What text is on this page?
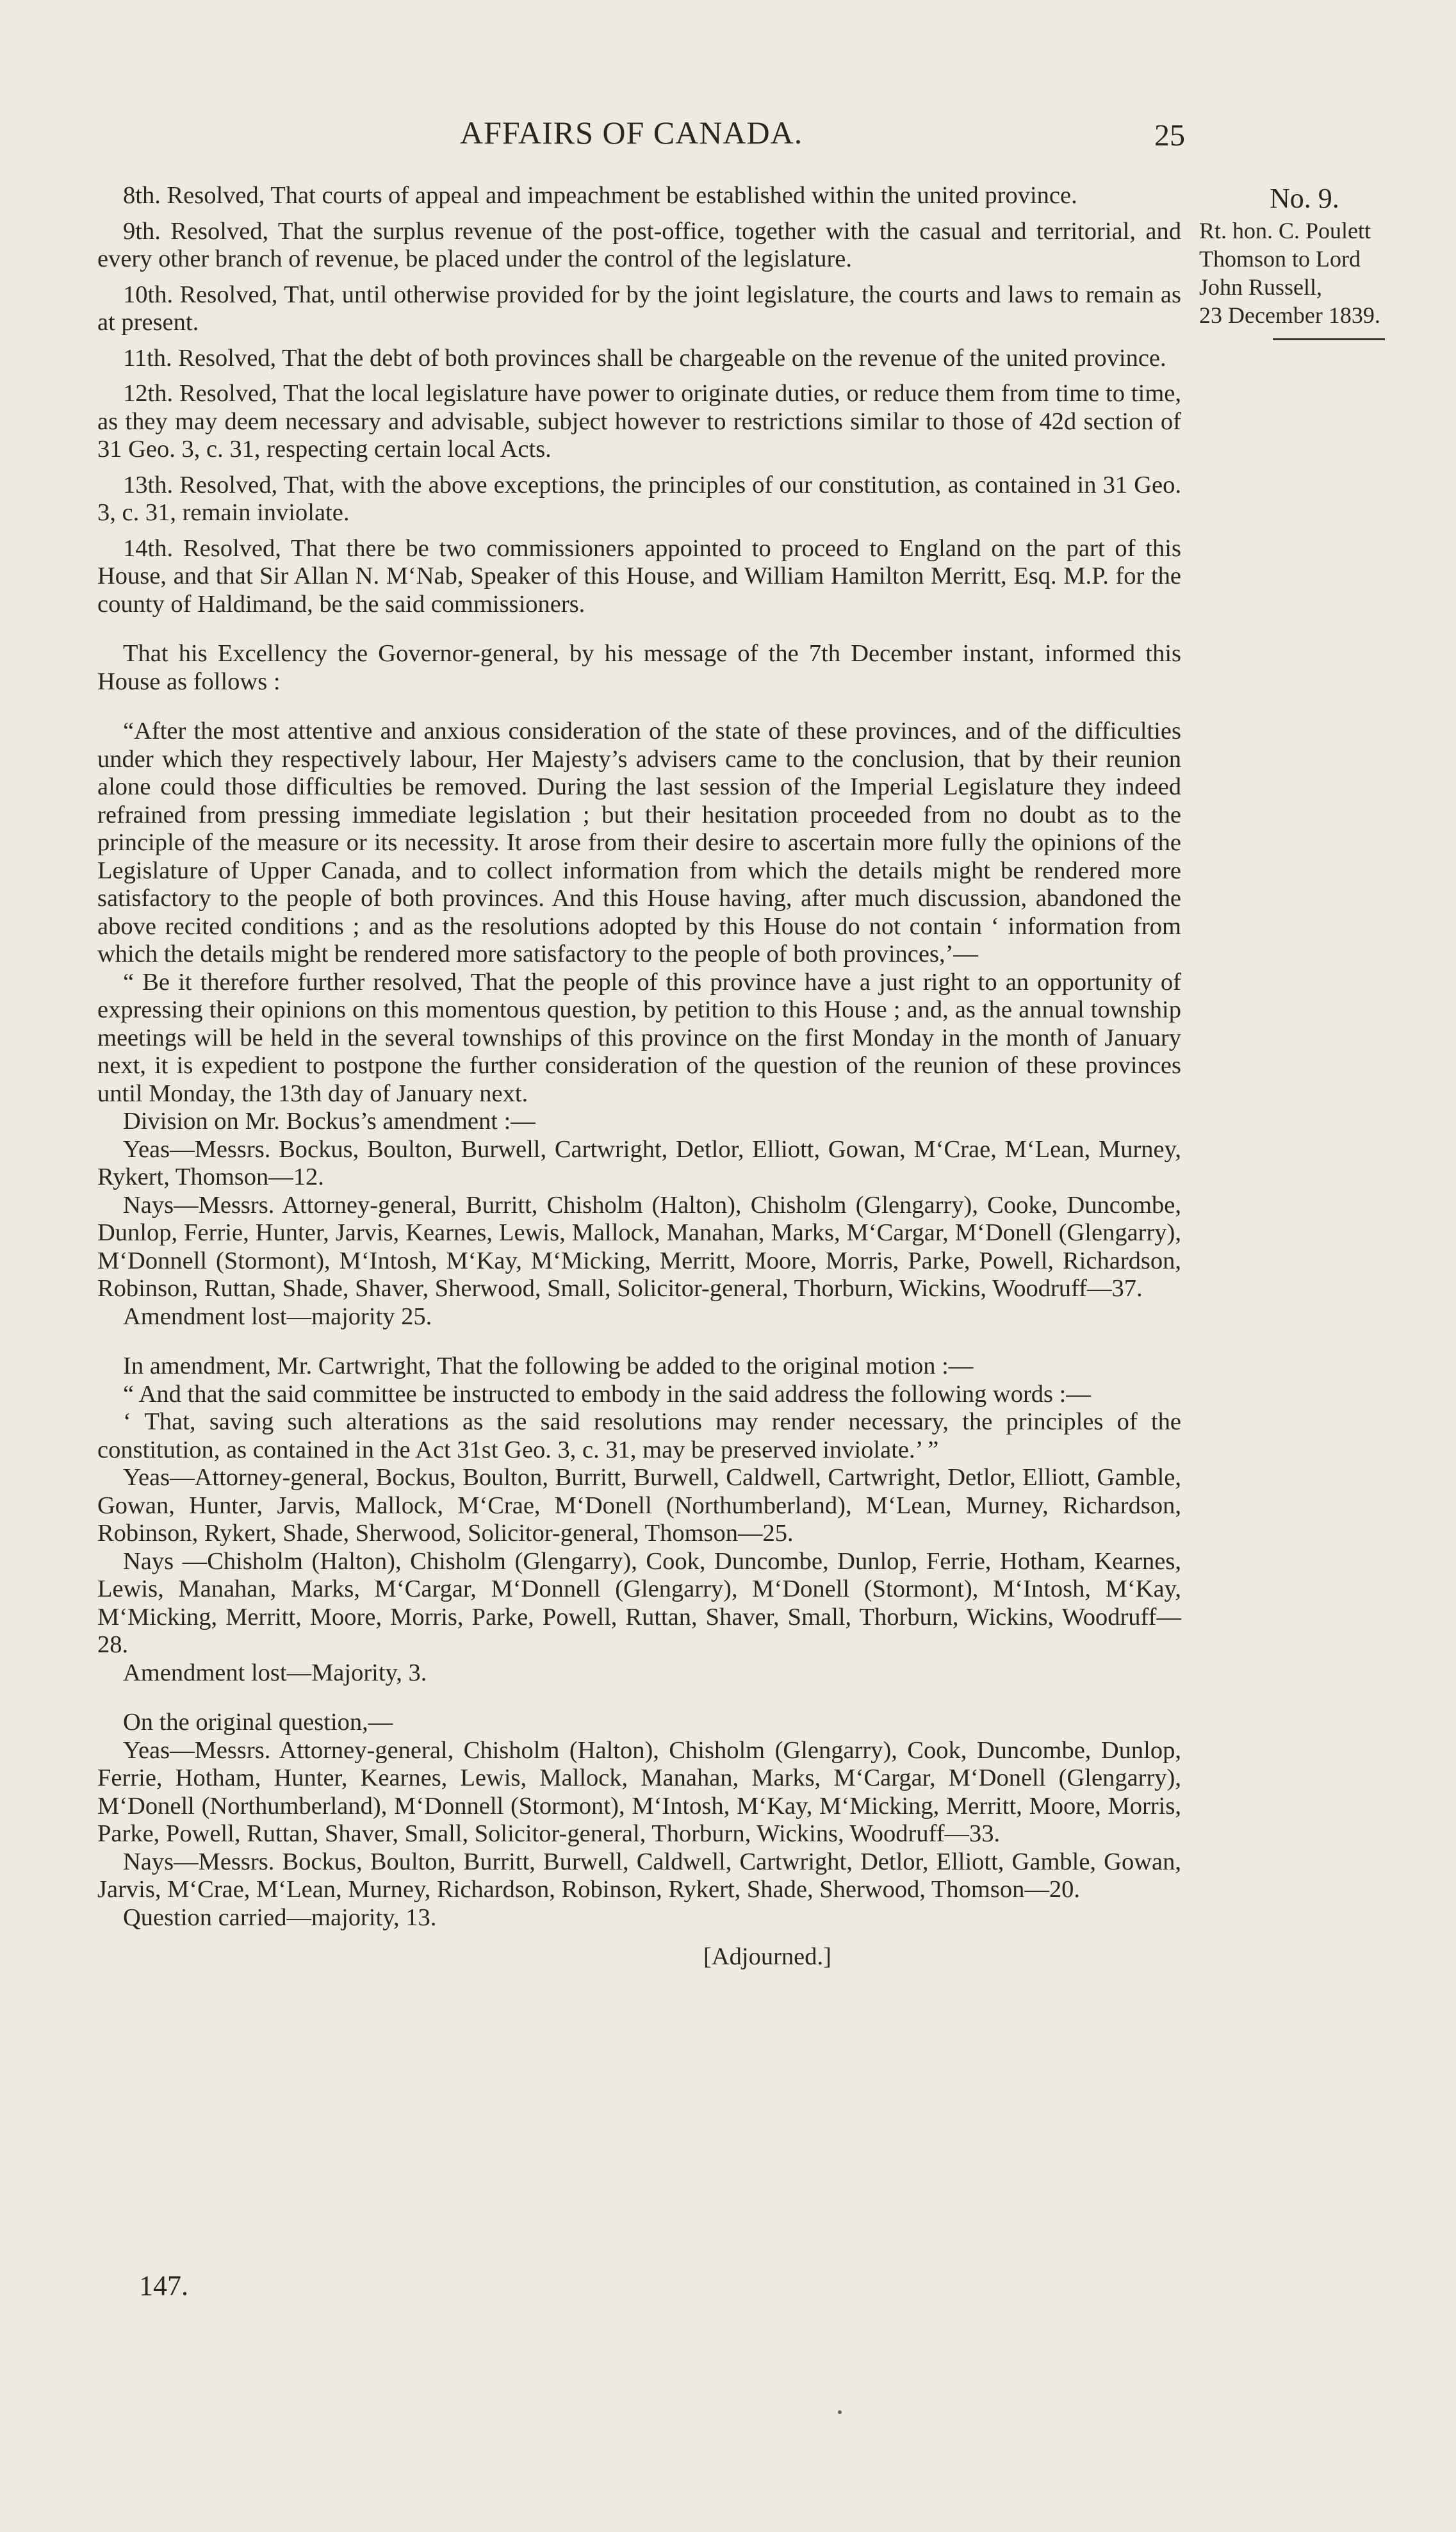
AFFAIRS OF CANADA.	25
No. 9.
Rt. hon. C. Poulett
Thomson to Lord
John Russell,
23 December 1839.

8th. Resolved, That courts of appeal and impeachment be established within the united province.

9th. Resolved, That the surplus revenue of the post-office, together with the casual and territorial, and every other branch of revenue, be placed under the control of the legislature.

10th. Resolved, That, until otherwise provided for by the joint legislature, the courts and laws to remain as at present.

11th. Resolved, That the debt of both provinces shall be chargeable on the revenue of the united province.

12th. Resolved, That the local legislature have power to originate duties, or reduce them from time to time, as they may deem necessary and advisable, subject however to restrictions similar to those of 42d section of 31 Geo. 3, c. 31, respecting certain local Acts.

13th. Resolved, That, with the above exceptions, the principles of our constitution, as contained in 31 Geo. 3, c. 31, remain inviolate.

14th. Resolved, That there be two commissioners appointed to proceed to England on the part of this House, and that Sir Allan N. M‘Nab, Speaker of this House, and William Hamilton Merritt, Esq. M.P. for the county of Haldimand, be the said commissioners.

That his Excellency the Governor-general, by his message of the 7th December instant, informed this House as follows :

“After the most attentive and anxious consideration of the state of these provinces, and of the difficulties under which they respectively labour, Her Majesty’s advisers came to the conclusion, that by their reunion alone could those difficulties be removed. During the last session of the Imperial Legislature they indeed refrained from pressing immediate legislation ; but their hesitation proceeded from no doubt as to the principle of the measure or its necessity. It arose from their desire to ascertain more fully the opinions of the Legislature of Upper Canada, and to collect information from which the details might be rendered more satisfactory to the people of both provinces. And this House having, after much discussion, abandoned the above recited conditions ; and as the resolutions adopted by this House do not contain ‘ information from which the details might be rendered more satisfactory to the people of both provinces,’—

“ Be it therefore further resolved, That the people of this province have a just right to an opportunity of expressing their opinions on this momentous question, by petition to this House ; and, as the annual township meetings will be held in the several townships of this province on the first Monday in the month of January next, it is expedient to postpone the further consideration of the question of the reunion of these provinces until Monday, the 13th day of January next.

Division on Mr. Bockus’s amendment :—

Yeas—Messrs. Bockus, Boulton, Burwell, Cartwright, Detlor, Elliott, Gowan, M‘Crae, M‘Lean, Murney, Rykert, Thomson—12.

Nays—Messrs. Attorney-general, Burritt, Chisholm (Halton), Chisholm (Glengarry), Cooke, Duncombe, Dunlop, Ferrie, Hunter, Jarvis, Kearnes, Lewis, Mallock, Manahan, Marks, M‘Cargar, M‘Donell (Glengarry), M‘Donnell (Stormont), M‘Intosh, M‘Kay, M‘Micking, Merritt, Moore, Morris, Parke, Powell, Richardson, Robinson, Ruttan, Shade, Shaver, Sherwood, Small, Solicitor-general, Thorburn, Wickins, Woodruff—37.

Amendment lost—majority 25.

In amendment, Mr. Cartwright, That the following be added to the original motion :—

“ And that the said committee be instructed to embody in the said address the following words :—

‘ That, saving such alterations as the said resolutions may render necessary, the principles of the constitution, as contained in the Act 31st Geo. 3, c. 31, may be preserved inviolate.’ ”

Yeas—Attorney-general, Bockus, Boulton, Burritt, Burwell, Caldwell, Cartwright, Detlor, Elliott, Gamble, Gowan, Hunter, Jarvis, Mallock, M‘Crae, M‘Donell (Northumberland), M‘Lean, Murney, Richardson, Robinson, Rykert, Shade, Sherwood, Solicitor-general, Thomson—25.

Nays —Chisholm (Halton), Chisholm (Glengarry), Cook, Duncombe, Dunlop, Ferrie, Hotham, Kearnes, Lewis, Manahan, Marks, M‘Cargar, M‘Donnell (Glengarry), M‘Donell (Stormont), M‘Intosh, M‘Kay, M‘Micking, Merritt, Moore, Morris, Parke, Powell, Ruttan, Shaver, Small, Thorburn, Wickins, Woodruff—28.

Amendment lost—Majority, 3.

On the original question,—

Yeas—Messrs. Attorney-general, Chisholm (Halton), Chisholm (Glengarry), Cook, Duncombe, Dunlop, Ferrie, Hotham, Hunter, Kearnes, Lewis, Mallock, Manahan, Marks, M‘Cargar, M‘Donell (Glengarry), M‘Donell (Northumberland), M‘Donnell (Stormont), M‘Intosh, M‘Kay, M‘Micking, Merritt, Moore, Morris, Parke, Powell, Ruttan, Shaver, Small, Solicitor-general, Thorburn, Wickins, Woodruff—33.

Nays—Messrs. Bockus, Boulton, Burritt, Burwell, Caldwell, Cartwright, Detlor, Elliott, Gamble, Gowan, Jarvis, M‘Crae, M‘Lean, Murney, Richardson, Robinson, Rykert, Shade, Sherwood, Thomson—20.

Question carried—majority, 13.

[Adjourned.]

147.
